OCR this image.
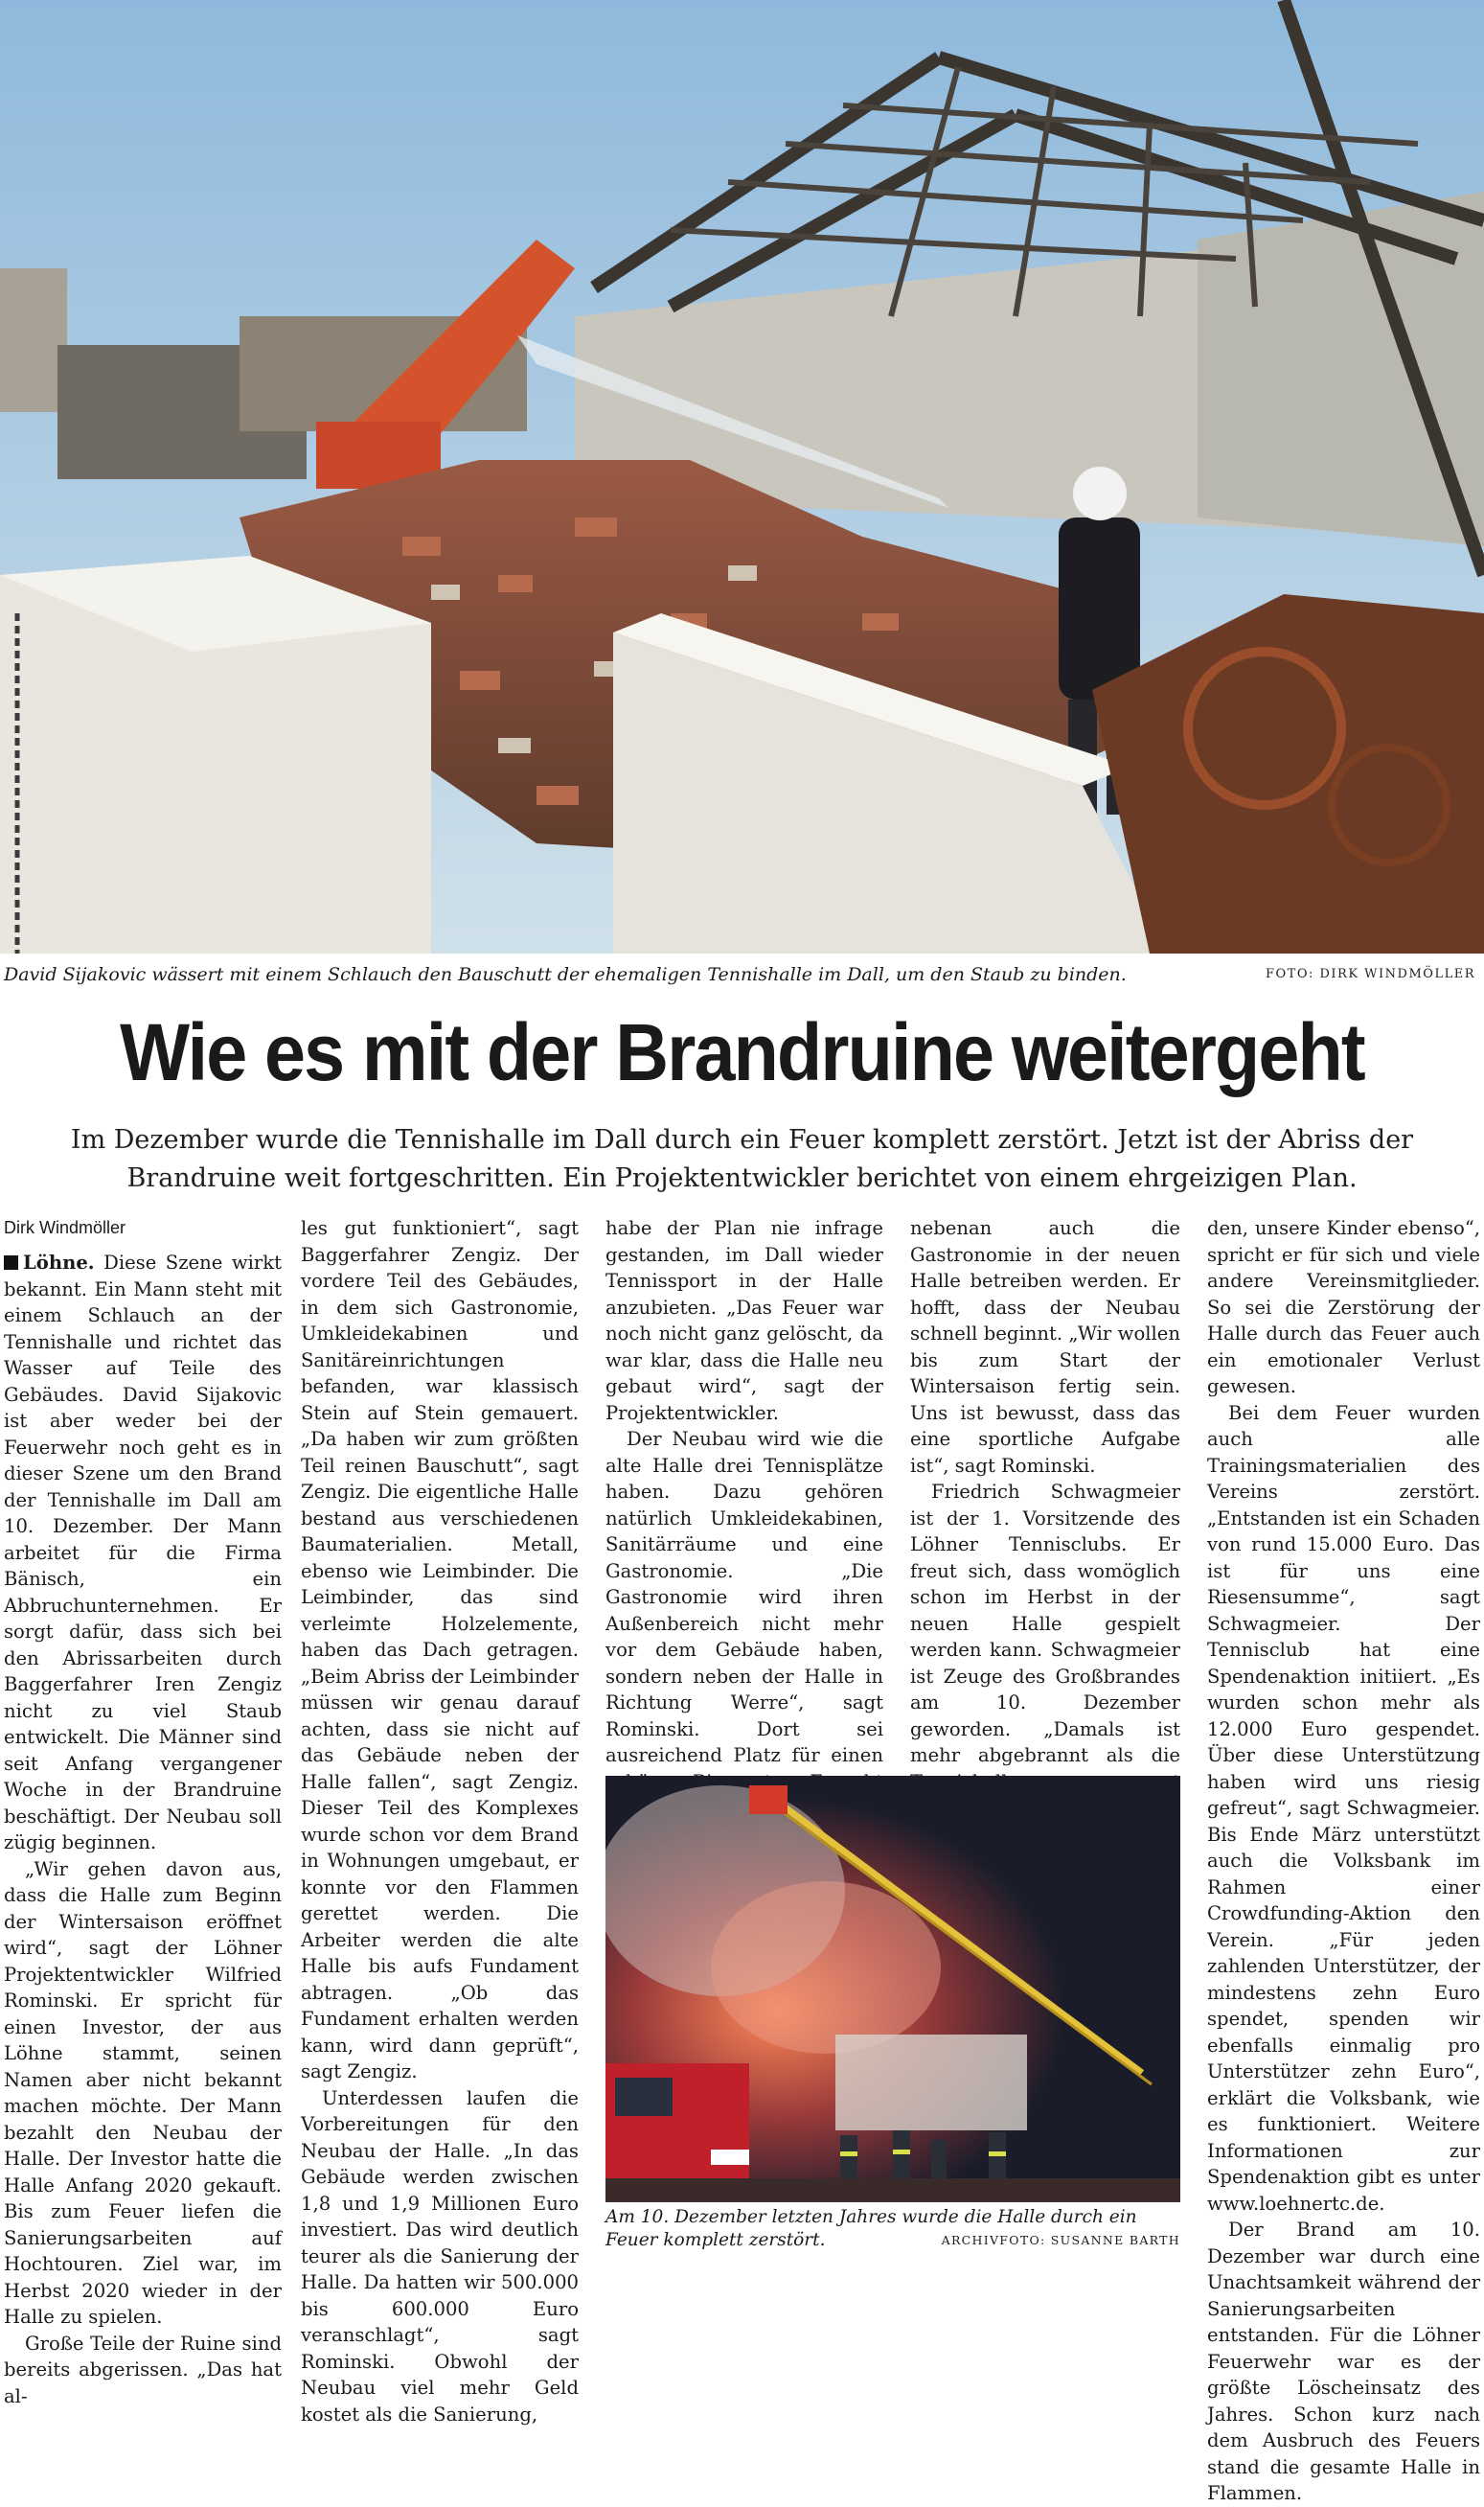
David Sijakovic wässert mit einem Schlauch den Bauschutt der ehemaligen Tennishalle im Dall, um den Staub zu binden.	FOTO: DIRK WINDMÖLLER
Wie es mit der Brandruine weitergeht
Im Dezember wurde die Tennishalle im Dall durch ein Feuer komplett zerstört. Jetzt ist der Abriss der Brandruine weit fortgeschritten. Ein Projektentwickler berichtet von einem ehrgeizigen Plan.

Dirk Windmöller

Löhne. Diese Szene wirkt bekannt. Ein Mann steht mit einem Schlauch an der Tennishalle und richtet das Wasser auf Teile des Gebäudes. David Sijakovic ist aber weder bei der Feuerwehr noch geht es in dieser Szene um den Brand der Tennishalle im Dall am 10. Dezember. Der Mann arbeitet für die Firma Bänisch, ein Abbruchunternehmen. Er sorgt dafür, dass sich bei den Abrissarbeiten durch Baggerfahrer Iren Zengiz nicht zu viel Staub entwickelt. Die Männer sind seit Anfang vergangener Woche in der Brandruine beschäftigt. Der Neubau soll zügig beginnen.

„Wir gehen davon aus, dass die Halle zum Beginn der Wintersaison eröffnet wird“, sagt der Löhner Projektentwickler Wilfried Rominski. Er spricht für einen Investor, der aus Löhne stammt, seinen Namen aber nicht bekannt machen möchte. Der Mann bezahlt den Neubau der Halle. Der Investor hatte die Halle Anfang 2020 gekauft. Bis zum Feuer liefen die Sanierungsarbeiten auf Hochtouren. Ziel war, im Herbst 2020 wieder in der Halle zu spielen.

Große Teile der Ruine sind bereits abgerissen. „Das hat al-

les gut funktioniert“, sagt Baggerfahrer Zengiz. Der vordere Teil des Gebäudes, in dem sich Gastronomie, Umkleidekabinen und Sanitäreinrichtungen befanden, war klassisch Stein auf Stein gemauert. „Da haben wir zum größten Teil reinen Bauschutt“, sagt Zengiz. Die eigentliche Halle bestand aus verschiedenen Baumaterialien. Metall, ebenso wie Leimbinder. Die Leimbinder, das sind verleimte Holzelemente, haben das Dach getragen. „Beim Abriss der Leimbinder müssen wir genau darauf achten, dass sie nicht auf das Gebäude neben der Halle fallen“, sagt Zengiz. Dieser Teil des Komplexes wurde schon vor dem Brand in Wohnungen umgebaut, er konnte vor den Flammen gerettet werden. Die Arbeiter werden die alte Halle bis aufs Fundament abtragen. „Ob das Fundament erhalten werden kann, wird dann geprüft“, sagt Zengiz.

Unterdessen laufen die Vorbereitungen für den Neubau der Halle. „In das Gebäude werden zwischen 1,8 und 1,9 Millionen Euro investiert. Das wird deutlich teurer als die Sanierung der Halle. Da hatten wir 500.000 bis 600.000 Euro veranschlagt“, sagt Rominski. Obwohl der Neubau viel mehr Geld kostet als die Sanierung,

habe der Plan nie infrage gestanden, im Dall wieder Tennissport in der Halle anzubieten. „Das Feuer war noch nicht ganz gelöscht, da war klar, dass die Halle neu gebaut wird“, sagt der Projektentwickler.

Der Neubau wird wie die alte Halle drei Tennisplätze haben. Dazu gehören natürlich Umkleidekabinen, Sanitärräume und eine Gastronomie. „Die Gastronomie wird ihren Außenbereich nicht mehr vor dem Gebäude haben, sondern neben der Halle in Richtung Werre“, sagt Rominski. Dort sei ausreichend Platz für einen

nebenan auch die Gastronomie in der neuen Halle betreiben werden. Er hofft, dass der Neubau schnell beginnt. „Wir wollen bis zum Start der Wintersaison fertig sein. Uns ist bewusst, dass das eine sportliche Aufgabe ist“, sagt Rominski.

Friedrich Schwagmeier ist der 1. Vorsitzende des Löhner Tennisclubs. Er freut sich, dass womöglich schon im Herbst in der neuen Halle gespielt werden kann. Schwagmeier ist Zeuge des Großbrandes am 10. Dezember geworden. „Damals ist mehr abgebrannt als die

den, unsere Kinder ebenso“, spricht er für sich und viele andere Vereinsmitglieder. So sei die Zerstörung der Halle durch das Feuer auch ein emotionaler Verlust gewesen.

Bei dem Feuer wurden auch alle Trainingsmaterialien des Vereins zerstört. „Entstanden ist ein Schaden von rund 15.000 Euro. Das ist für uns eine Riesensumme“, sagt Schwagmeier. Der Tennisclub hat eine Spendenaktion initiiert. „Es wurden schon mehr als 12.000 Euro gespendet. Über diese Unterstützung haben wird uns riesig gefreut“, sagt Schwagmeier. Bis Ende März unterstützt auch die Volksbank im Rahmen einer Crowdfunding-Aktion den Verein. „Für jeden zahlenden Unterstützer, der mindestens zehn Euro spendet, spenden wir ebenfalls einmalig pro Unterstützer zehn Euro“, erklärt die Volksbank, wie es funktioniert. Weitere Informationen zur Spendenaktion gibt es unter www.loehnertc.de.

Der Brand am 10. Dezember war durch eine Unachtsamkeit während der Sanierungsarbeiten entstanden. Für die Löhner Feuerwehr war es der größte Löscheinsatz des Jahres. Schon kurz nach dem Ausbruch des Feuers stand die gesamte Halle in Flammen.

Am 10. Dezember letzten Jahres wurde die Halle durch ein Feuer komplett zerstört.	ARCHIVFOTO: SUSANNE BARTH
